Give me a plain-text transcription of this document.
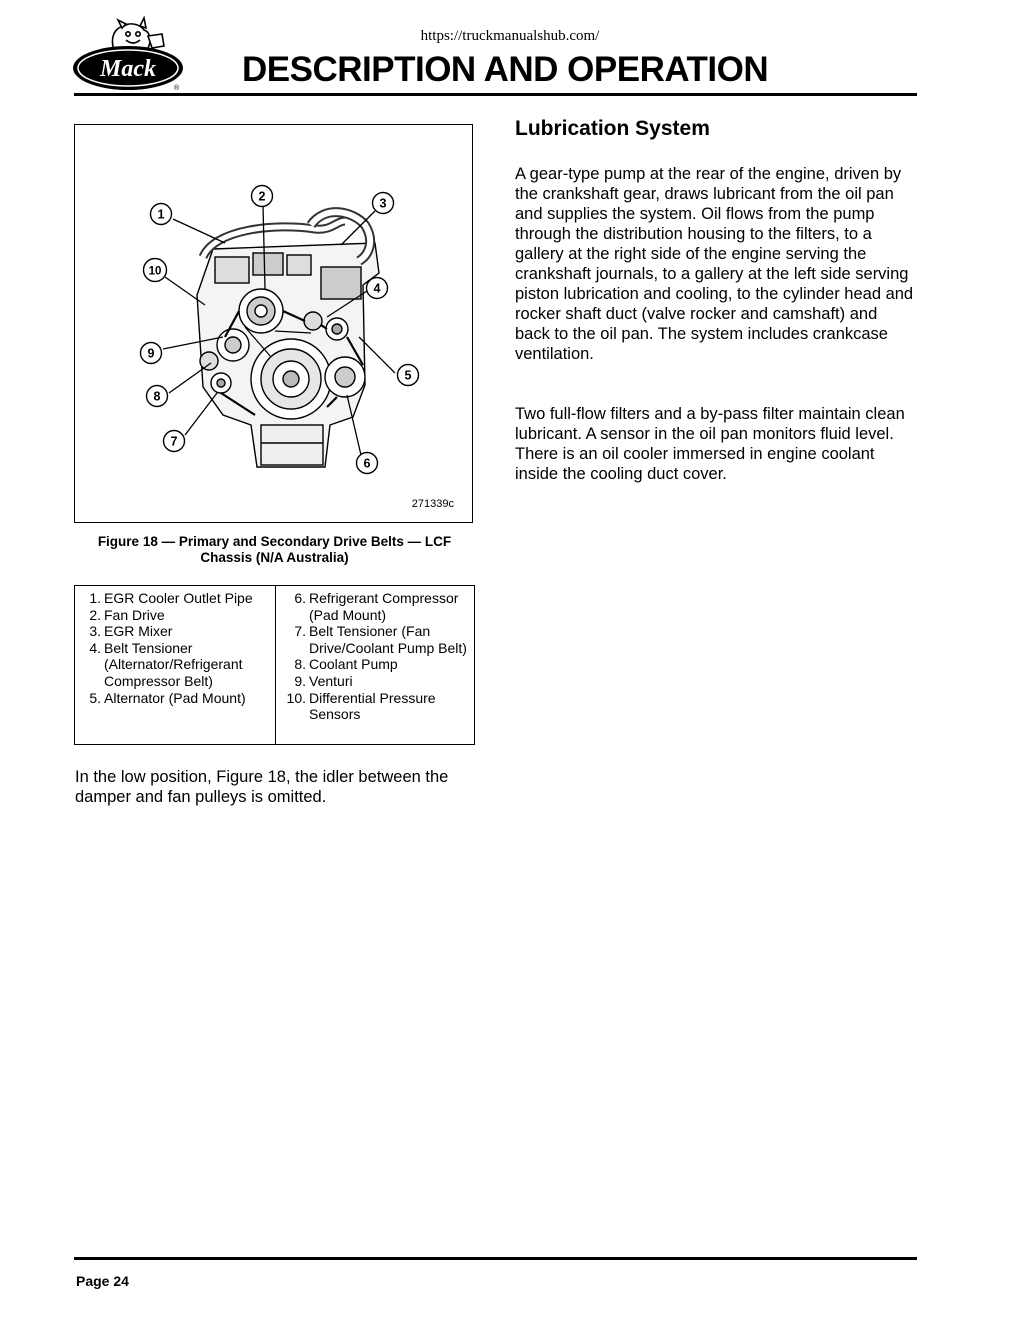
https://truckmanualshub.com/
Mack
® DESCRIPTION AND OPERATION
1
2	3
4
5
6
7
8
9
10
271339c
Figure 18 — Primary and Secondary Drive Belts — LCF Chassis (N/A Australia)
1. EGR Cooler Outlet Pipe
2. Fan Drive
3. EGR Mixer
4. Belt Tensioner (Alternator/Refrigerant Compressor Belt)
5. Alternator (Pad Mount)
6. Refrigerant Compressor (Pad Mount)
7. Belt Tensioner (Fan Drive/Coolant Pump Belt)
8. Coolant Pump
9. Venturi
10. Differential Pressure Sensors
In the low position, Figure 18, the idler between the damper and fan pulleys is omitted.
Lubrication System

A gear-type pump at the rear of the engine, driven by the crankshaft gear, draws lubricant from the oil pan and supplies the system. Oil flows from the pump through the distribution housing to the filters, to a gallery at the right side of the engine serving the crankshaft journals, to a gallery at the left side serving piston lubrication and cooling, to the cylinder head and rocker shaft duct (valve rocker and camshaft) and back to the oil pan. The system includes crankcase ventilation.

Two full-flow filters and a by-pass filter maintain clean lubricant. A sensor in the oil pan monitors fluid level. There is an oil cooler immersed in engine coolant inside the cooling duct cover.

Page 24
